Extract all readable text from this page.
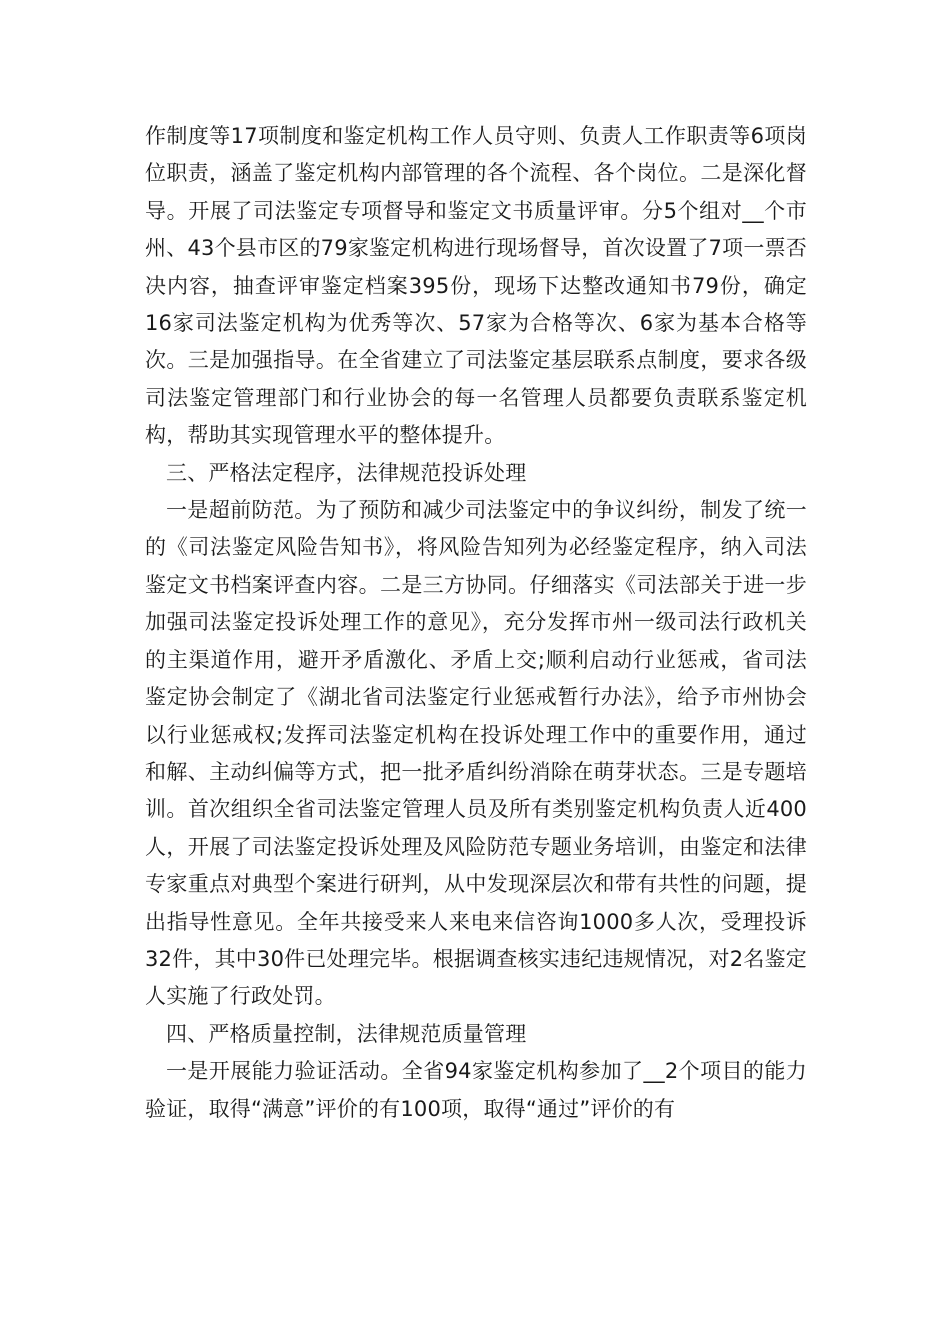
作制度等17项制度和鉴定机构工作人员守则、负责人工作职责等6项岗位职责，涵盖了鉴定机构内部管理的各个流程、各个岗位。二是深化督导。开展了司法鉴定专项督导和鉴定文书质量评审。分5个组对__个市州、43个县市区的79家鉴定机构进行现场督导，首次设置了7项一票否决内容，抽查评审鉴定档案395份，现场下达整改通知书79份，确定16家司法鉴定机构为优秀等次、57家为合格等次、6家为基本合格等次。三是加强指导。在全省建立了司法鉴定基层联系点制度，要求各级司法鉴定管理部门和行业协会的每一名管理人员都要负责联系鉴定机构，帮助其实现管理水平的整体提升。

三、严格法定程序，法律规范投诉处理

一是超前防范。为了预防和减少司法鉴定中的争议纠纷，制发了统一的《司法鉴定风险告知书》，将风险告知列为必经鉴定程序，纳入司法鉴定文书档案评查内容。二是三方协同。仔细落实《司法部关于进一步加强司法鉴定投诉处理工作的意见》，充分发挥市州一级司法行政机关的主渠道作用，避开矛盾激化、矛盾上交;顺利启动行业惩戒，省司法鉴定协会制定了《湖北省司法鉴定行业惩戒暂行办法》，给予市州协会以行业惩戒权;发挥司法鉴定机构在投诉处理工作中的重要作用，通过和解、主动纠偏等方式，把一批矛盾纠纷消除在萌芽状态。三是专题培训。首次组织全省司法鉴定管理人员及所有类别鉴定机构负责人近400人，开展了司法鉴定投诉处理及风险防范专题业务培训，由鉴定和法律专家重点对典型个案进行研判，从中发现深层次和带有共性的问题，提出指导性意见。全年共接受来人来电来信咨询1000多人次，受理投诉32件，其中30件已处理完毕。根据调查核实违纪违规情况，对2名鉴定人实施了行政处罚。

四、严格质量控制，法律规范质量管理

一是开展能力验证活动。全省94家鉴定机构参加了__2个项目的能力验证，取得“满意”评价的有100项，取得“通过”评价的有
